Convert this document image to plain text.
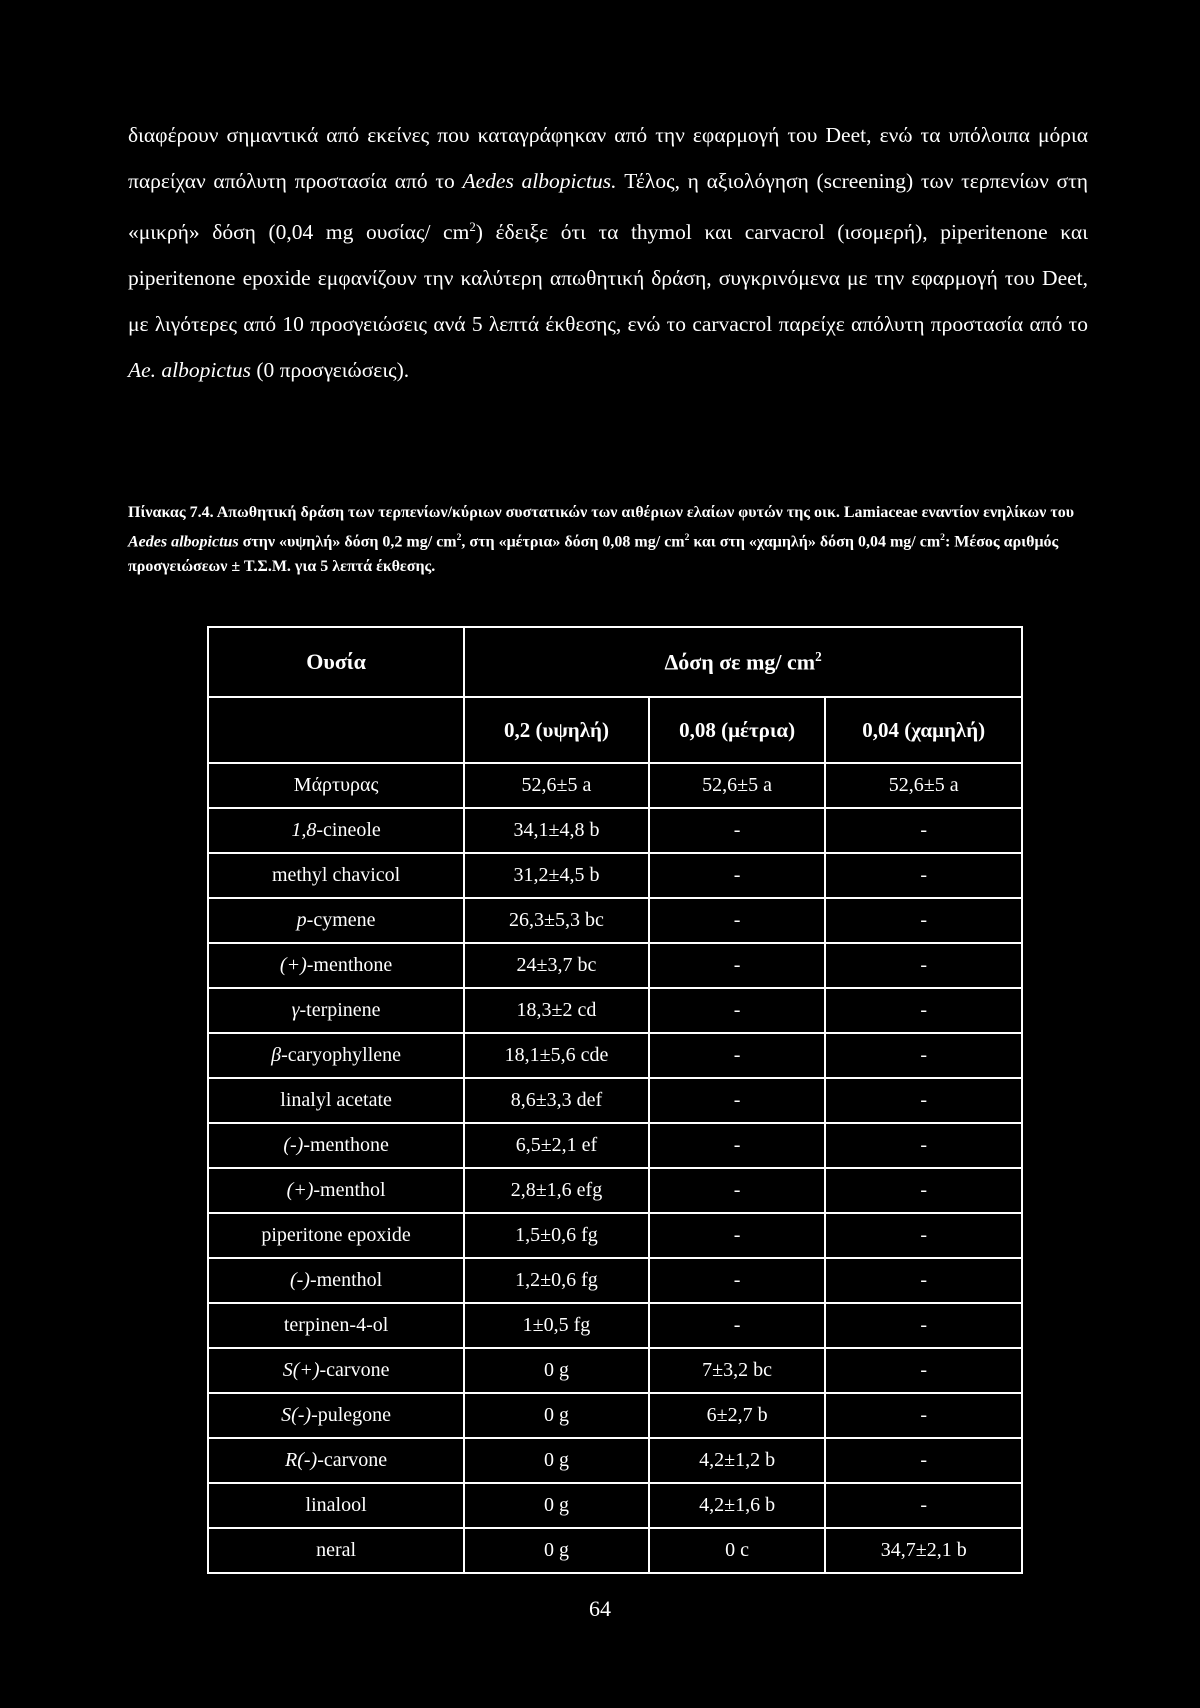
διαφέρουν σημαντικά από εκείνες που καταγράφηκαν από την εφαρμογή του Deet, ενώ τα υπόλοιπα μόρια παρείχαν απόλυτη προστασία από το Aedes albopictus. Τέλος, η αξιολόγηση (screening) των τερπενίων στη «μικρή» δόση (0,04 mg ουσίας/ $cm^2$) έδειξε ότι τα thymol και carvacrol (ισομερή), piperitenone και piperitenone epoxide εμφανίζουν την καλύτερη απωθητική δράση, συγκρινόμενα με την εφαρμογή του Deet, με λιγότερες από 10 προσγειώσεις ανά 5 λεπτά έκθεσης, ενώ το carvacrol παρείχε απόλυτη προστασία από το Ae. albopictus (0 προσγειώσεις).
Πίνακας 7.4. Απωθητική δράση των τερπενίων/κύριων συστατικών των αιθέριων ελαίων φυτών της οικ. Lamiaceae εναντίον ενηλίκων του Aedes albopictus στην «υψηλή» δόση 0,2 mg/ $cm^2$, στη «μέτρια» δόση 0,08 mg/ $cm^2$ και στη «χαμηλή» δόση 0,04 mg/ $cm^2$: Μέσος αριθμός προσγειώσεων ± Τ.Σ.Μ. για 5 λεπτά έκθεσης.
Ουσία	Δόση σε mg/ $cm^2$
	0,2 (υψηλή)	0,08 (μέτρια)	0,04 (χαμηλή)
Μάρτυρας	52,6±5 a	52,6±5 a	52,6±5 a
1,8-cineole	34,1±4,8 b	-	-
methyl chavicol	31,2±4,5 b	-	-
p-cymene	26,3±5,3 bc	-	-
(+)-menthone	24±3,7 bc	-	-
γ-terpinene	18,3±2 cd	-	-
β-caryophyllene	18,1±5,6 cde	-	-
linalyl acetate	8,6±3,3 def	-	-
(-)-menthone	6,5±2,1 ef	-	-
(+)-menthol	2,8±1,6 efg	-	-
piperitone epoxide	1,5±0,6 fg	-	-
(-)-menthol	1,2±0,6 fg	-	-
terpinen-4-ol	1±0,5 fg	-	-
S(+)-carvone	0 g	7±3,2 bc	-
S(-)-pulegone	0 g	6±2,7 b	-
R(-)-carvone	0 g	4,2±1,2 b	-
linalool	0 g	4,2±1,6 b	-
neral	0 g	0 c	34,7±2,1 b
64
